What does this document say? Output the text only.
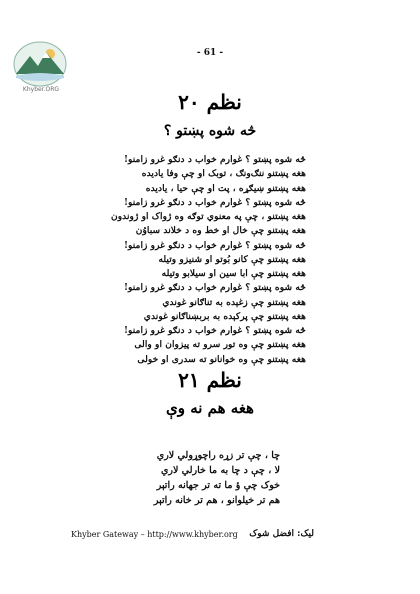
Khyber.ORG
- 61 -
نظم ۲۰
څه شوه پښتو ؟
څه شوه پښتو ؟ غوارم خواب د دنګو غرو زامنو!
هغه پښتنو ننګ‌ونګ ، توبک او چې وفا یادیده
هغه پښتنو ښیګړه ، پت او چې حیا ، یادیده
څه شوه پښتو ؟ غوارم خواب د دنګو غرو زامنو!
هغه پښتنو ، چې په معنوي توګه وه ژواک او ژوندون
هغه پښتنو چې خال او خط وه د خلاند سباوُن
څه شوه پښتو ؟ غوارم خواب د دنګو غرو زامنو!
هغه پښتنو چې کانو بُوتو او شنیزو وتیله
هغه پښتنو چې ابا سین او سیلابو وتیله
څه شوه پښتو ؟ غوارم خواب د دنګو غرو زامنو!
هغه پښتنو چې زغېده به تناګانو غوندي
هغه پښتنو چې پرکېده به بربښناګانو غوندي
څه شوه پښتو ؟ غوارم خواب د دنګو غرو زامنو!
هغه پښتنو چې وه تور سرو ته پیزوان او والی
هغه پښتنو چې وه خوانانو ته سدری او خولی
نظم ۲۱
هغه هم نه وې
چا ، چې تر زړه راچوړولي لاري
لا ، چې د چا به ما خارلي لاري
خوک چې ؤ ما ته تر جهانه راتېر
هم تر خیلوانو ، هم تر خانه راتېر
Khyber Gateway – http://www.khyber.org لیک: افضل شوک
